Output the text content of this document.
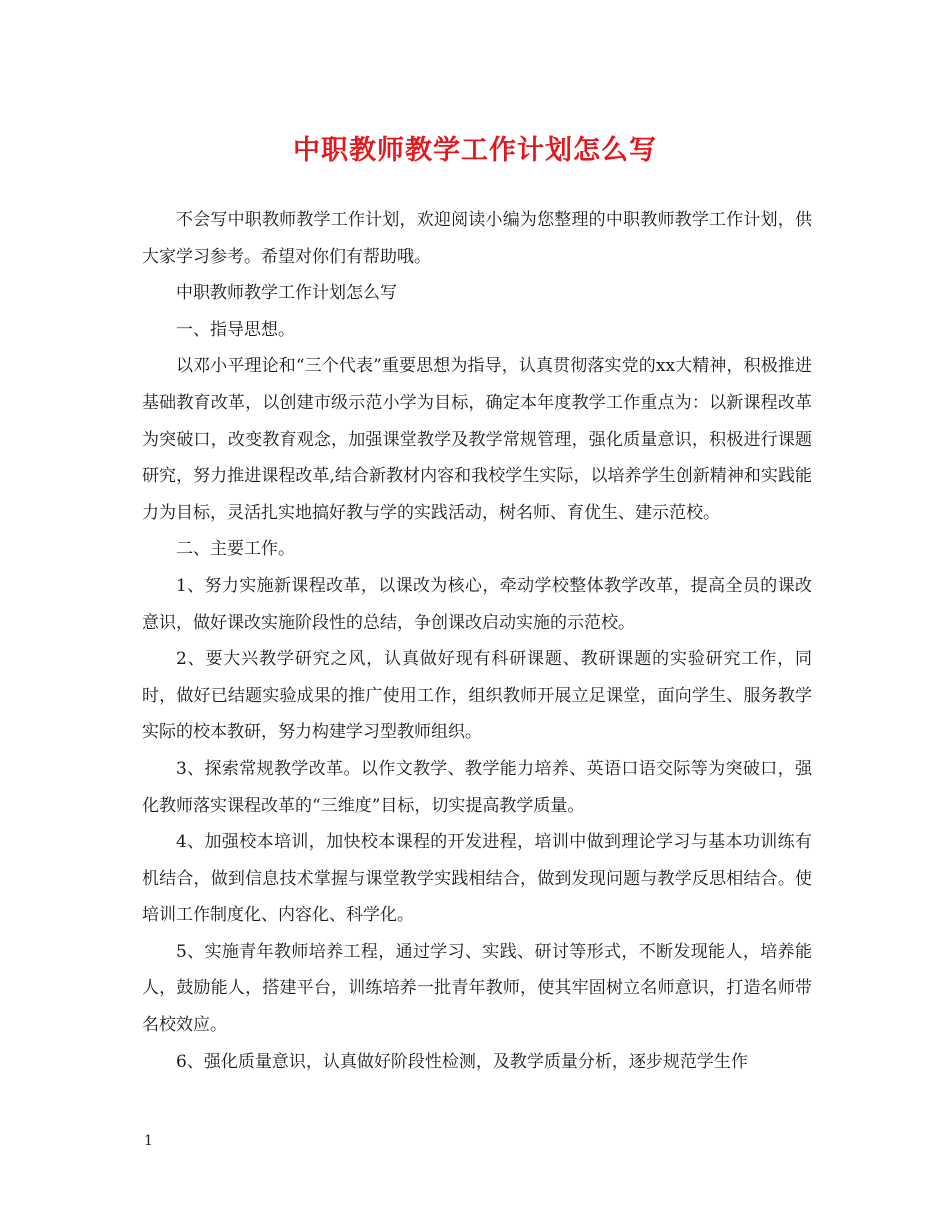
中职教师教学工作计划怎么写

不会写中职教师教学工作计划，欢迎阅读小编为您整理的中职教师教学工作计划，供大家学习参考。希望对你们有帮助哦。

中职教师教学工作计划怎么写

一、指导思想。

以邓小平理论和“三个代表”重要思想为指导，认真贯彻落实党的xx大精神，积极推进基础教育改革，以创建市级示范小学为目标，确定本年度教学工作重点为：以新课程改革为突破口，改变教育观念，加强课堂教学及教学常规管理，强化质量意识，积极进行课题研究，努力推进课程改革,结合新教材内容和我校学生实际，以培养学生创新精神和实践能力为目标，灵活扎实地搞好教与学的实践活动，树名师、育优生、建示范校。

二、主要工作。

1、努力实施新课程改革，以课改为核心，牵动学校整体教学改革，提高全员的课改意识，做好课改实施阶段性的总结，争创课改启动实施的示范校。

2、要大兴教学研究之风，认真做好现有科研课题、教研课题的实验研究工作，同时，做好已结题实验成果的推广使用工作，组织教师开展立足课堂，面向学生、服务教学实际的校本教研，努力构建学习型教师组织。

3、探索常规教学改革。以作文教学、教学能力培养、英语口语交际等为突破口，强化教师落实课程改革的“三维度”目标，切实提高教学质量。

4、加强校本培训，加快校本课程的开发进程，培训中做到理论学习与基本功训练有机结合，做到信息技术掌握与课堂教学实践相结合，做到发现问题与教学反思相结合。使培训工作制度化、内容化、科学化。

5、实施青年教师培养工程，通过学习、实践、研讨等形式，不断发现能人，培养能人，鼓励能人，搭建平台，训练培养一批青年教师，使其牢固树立名师意识，打造名师带名校效应。

6、强化质量意识，认真做好阶段性检测，及教学质量分析，逐步规范学生作

1
